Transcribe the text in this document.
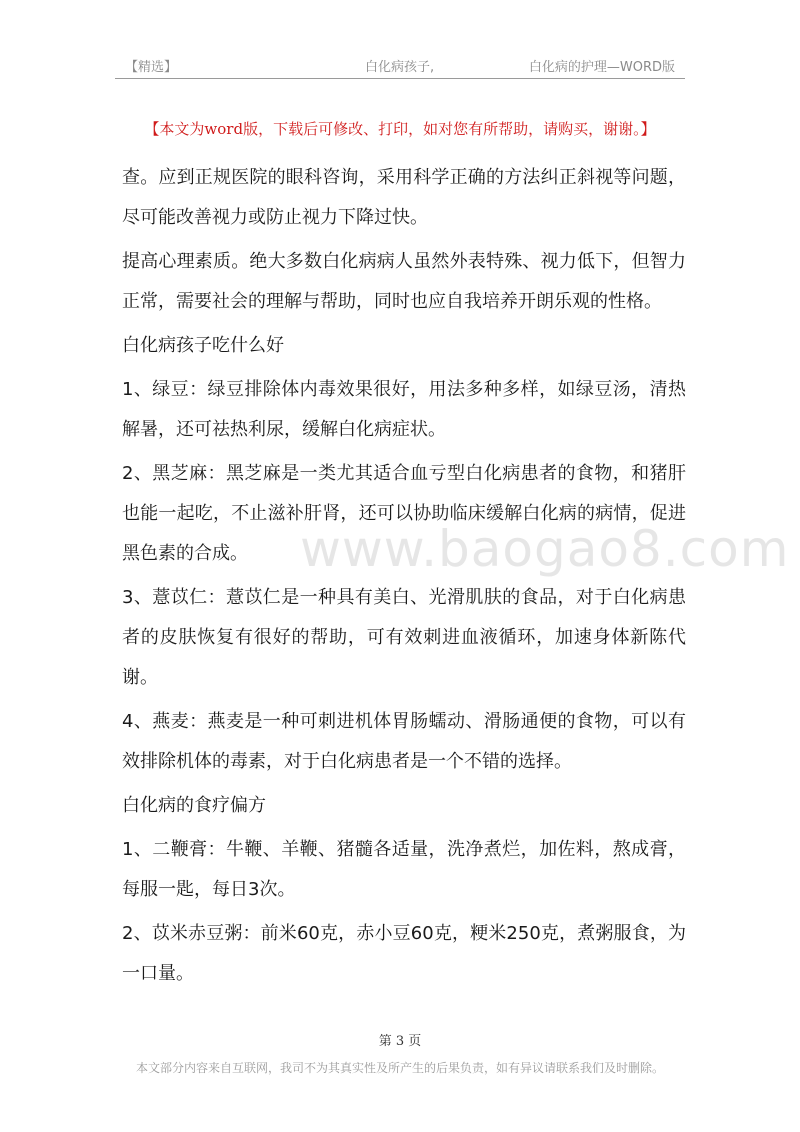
【精选】	白化病孩子,	白化病的护理—WORD版
【本文为word版，下载后可修改、打印，如对您有所帮助，请购买，谢谢。】
www.baogao8.com

查。应到正规医院的眼科咨询，采用科学正确的方法纠正斜视等问题，尽可能改善视力或防止视力下降过快。

提高心理素质。绝大多数白化病病人虽然外表特殊、视力低下，但智力正常，需要社会的理解与帮助，同时也应自我培养开朗乐观的性格。

白化病孩子吃什么好

1、绿豆：绿豆排除体内毒效果很好，用法多种多样，如绿豆汤，清热解暑，还可祛热利尿，缓解白化病症状。

2、黑芝麻：黑芝麻是一类尤其适合血亏型白化病患者的食物，和猪肝也能一起吃，不止滋补肝肾，还可以协助临床缓解白化病的病情，促进黑色素的合成。

3、薏苡仁：薏苡仁是一种具有美白、光滑肌肤的食品，对于白化病患者的皮肤恢复有很好的帮助，可有效刺进血液循环，加速身体新陈代谢。

4、燕麦：燕麦是一种可刺进机体胃肠蠕动、滑肠通便的食物，可以有效排除机体的毒素，对于白化病患者是一个不错的选择。

白化病的食疗偏方

1、二鞭膏：牛鞭、羊鞭、猪髓各适量，洗净煮烂，加佐料，熬成膏，每服一匙，每日3次。

2、苡米赤豆粥：前米60克，赤小豆60克，粳米250克，煮粥服食，为一口量。

第 3 页
本文部分内容来自互联网，我司不为其真实性及所产生的后果负责，如有异议请联系我们及时删除。
